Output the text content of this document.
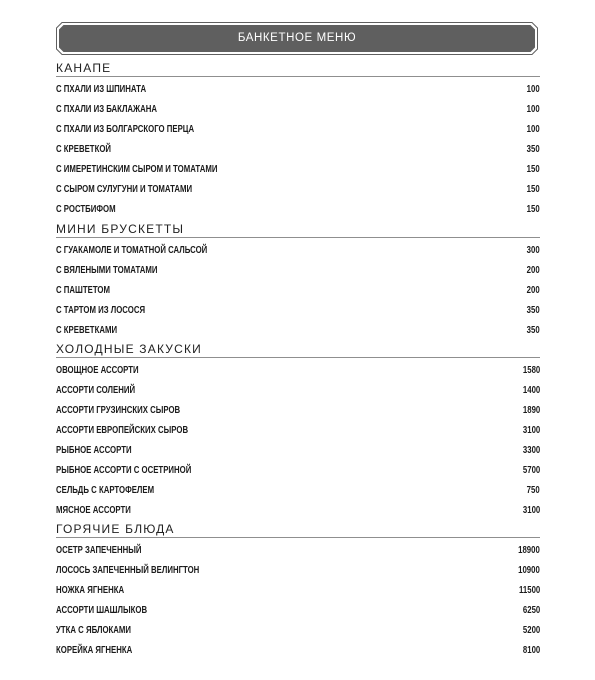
БАНКЕТНОЕ МЕНЮ
КАНАПЕ
С ПХАЛИ ИЗ ШПИНАТА	100
С ПХАЛИ ИЗ БАКЛАЖАНА	100
С ПХАЛИ ИЗ БОЛГАРСКОГО ПЕРЦА	100
С КРЕВЕТКОЙ	350
С ИМЕРЕТИНСКИМ СЫРОМ И ТОМАТАМИ	150
С СЫРОМ СУЛУГУНИ И ТОМАТАМИ	150
С РОСТБИФОМ	150
МИНИ БРУСКЕТТЫ
С ГУАКАМОЛЕ И ТОМАТНОЙ САЛЬСОЙ	300
С ВЯЛЕНЫМИ ТОМАТАМИ	200
С ПАШТЕТОМ	200
С ТАРТОМ ИЗ ЛОСОСЯ	350
С КРЕВЕТКАМИ	350
ХОЛОДНЫЕ ЗАКУСКИ
ОВОЩНОЕ АССОРТИ	1580
АССОРТИ СОЛЕНИЙ	1400
АССОРТИ ГРУЗИНСКИХ СЫРОВ	1890
АССОРТИ ЕВРОПЕЙСКИХ СЫРОВ	3100
РЫБНОЕ АССОРТИ	3300
РЫБНОЕ АССОРТИ С ОСЕТРИНОЙ	5700
СЕЛЬДЬ С КАРТОФЕЛЕМ	750
МЯСНОЕ АССОРТИ	3100
ГОРЯЧИЕ БЛЮДА
ОСЕТР ЗАПЕЧЕННЫЙ	18900
ЛОСОСЬ ЗАПЕЧЕННЫЙ ВЕЛИНГТОН	10900
НОЖКА ЯГНЕНКА	11500
АССОРТИ ШАШЛЫКОВ	6250
УТКА С ЯБЛОКАМИ	5200
КОРЕЙКА ЯГНЕНКА	8100
